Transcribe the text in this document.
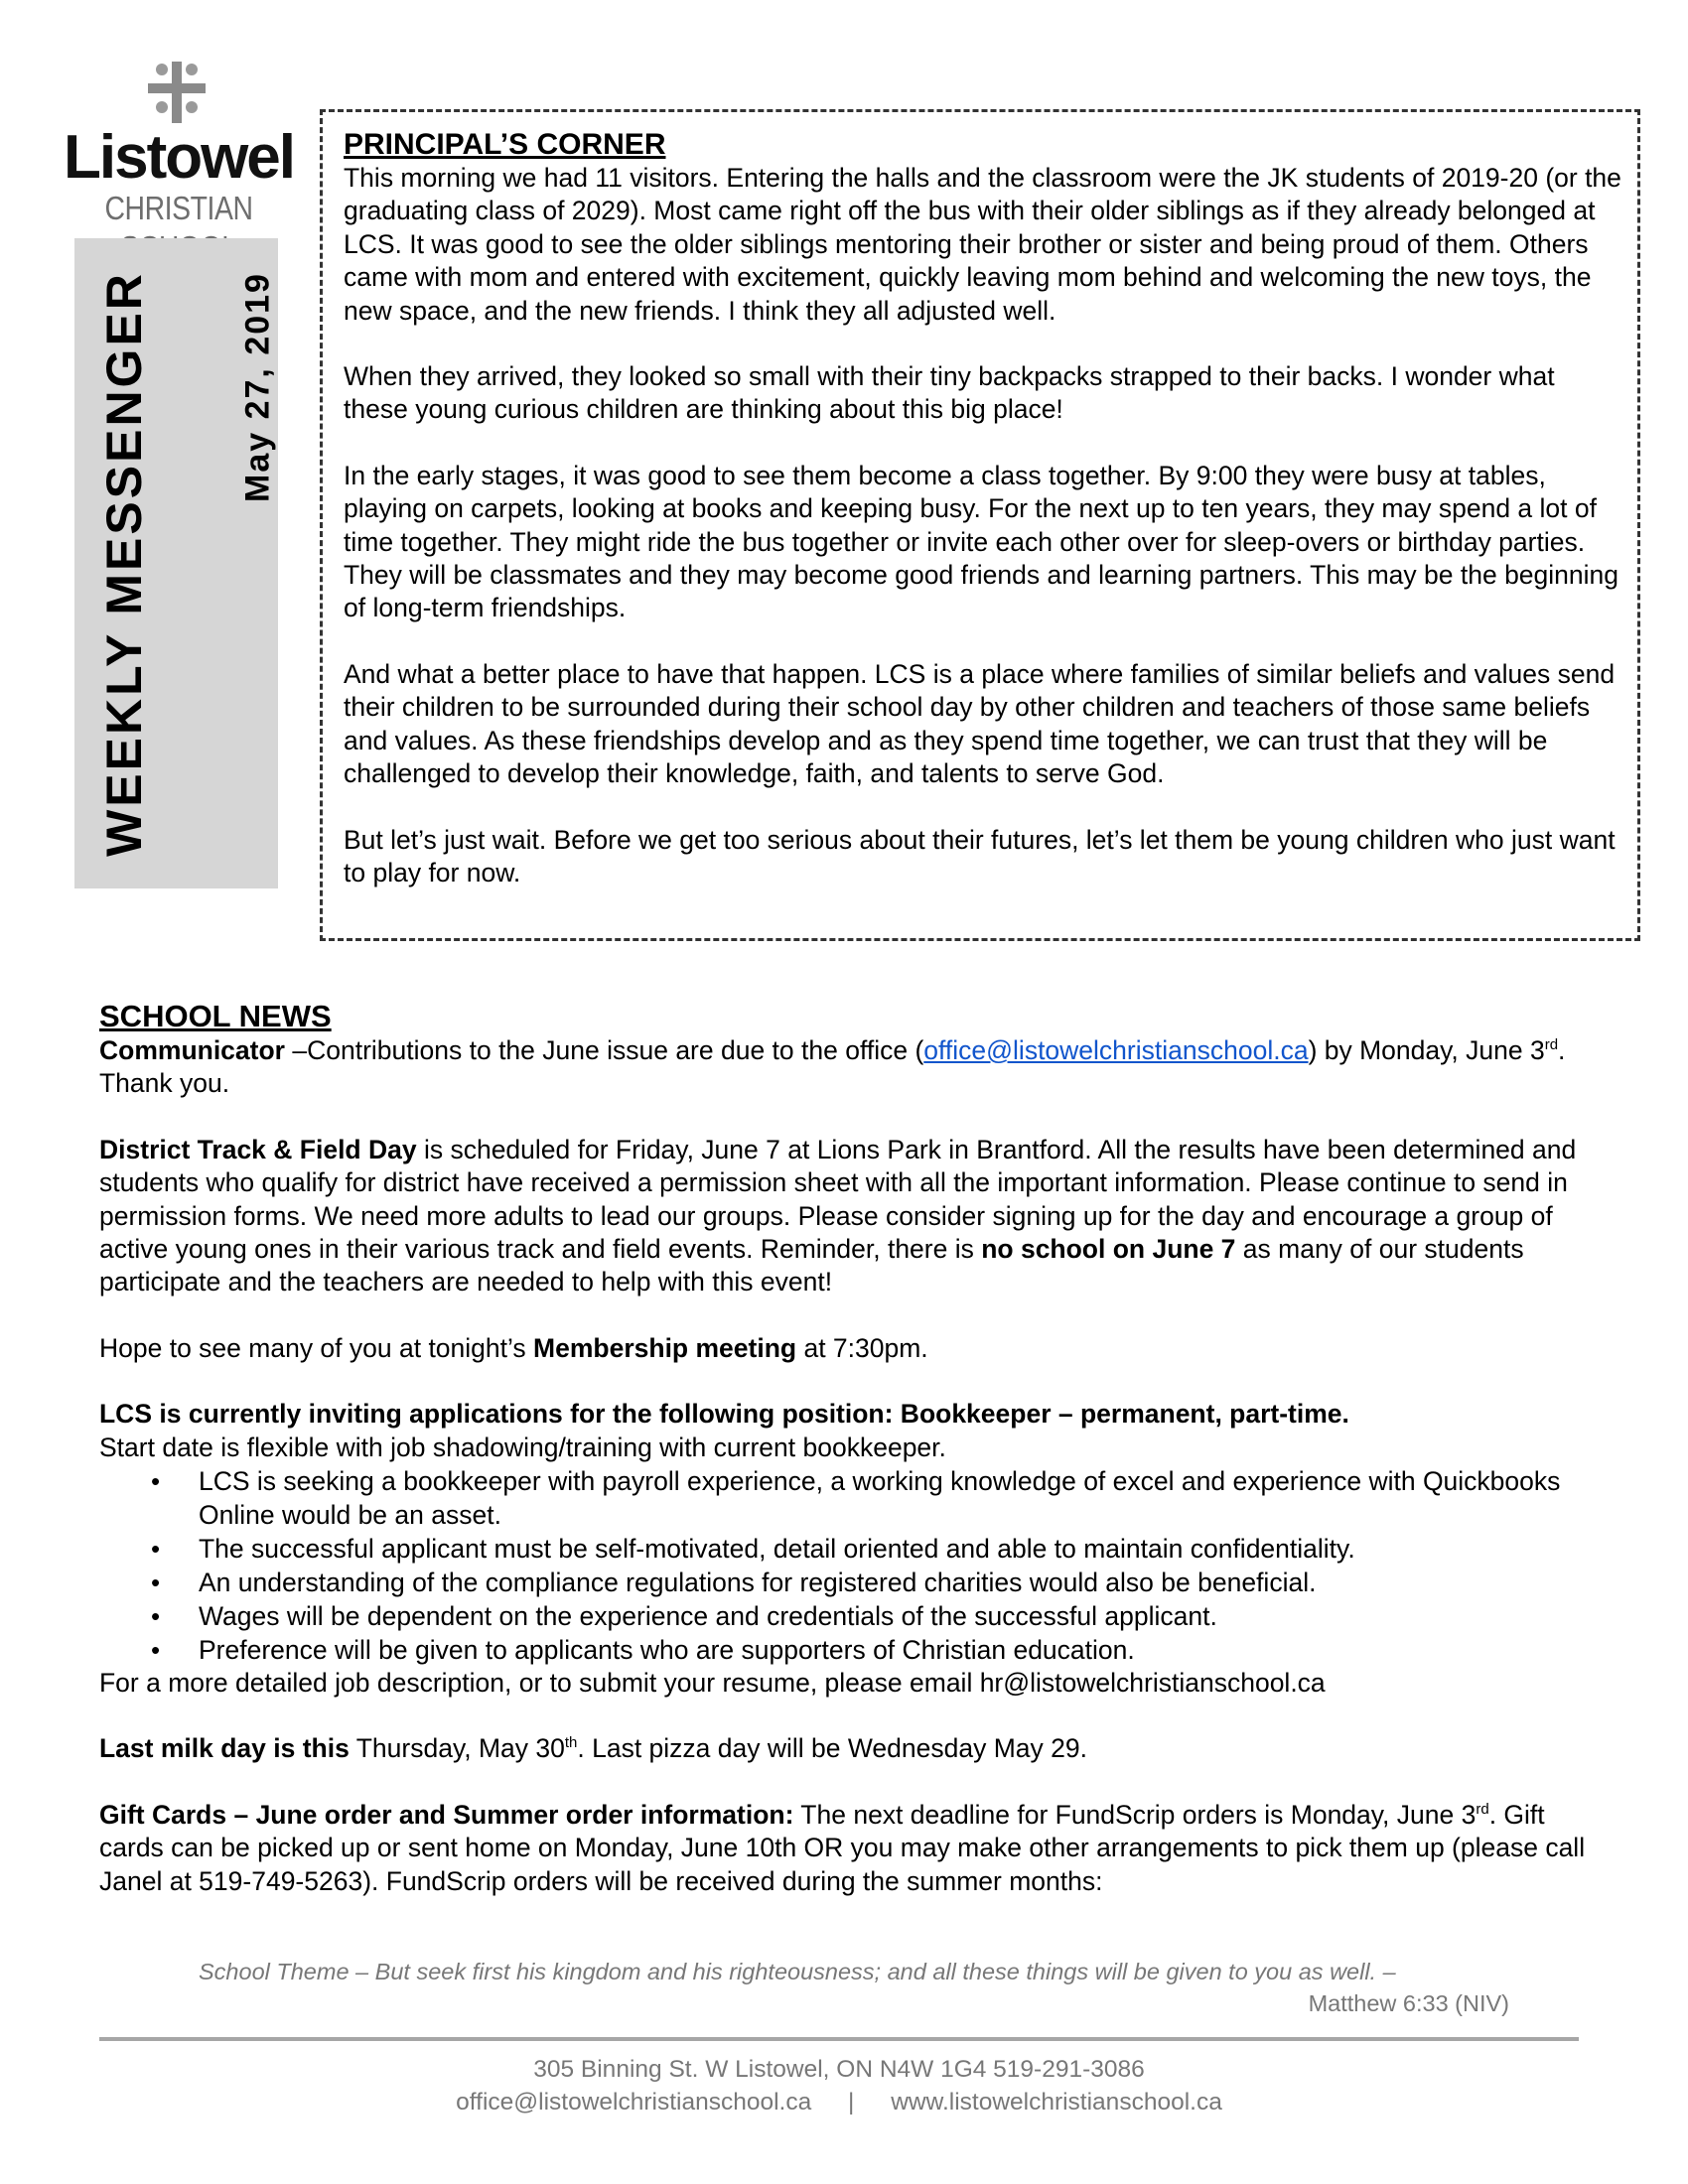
Listowel
CHRISTIAN
WEEKLY MESSENGER	May 27, 2019
PRINCIPAL’S CORNER

This morning we had 11 visitors. Entering the halls and the classroom were the JK students of 2019-20 (or the graduating class of 2029). Most came right off the bus with their older siblings as if they already belonged at LCS. It was good to see the older siblings mentoring their brother or sister and being proud of them. Others came with mom and entered with excitement, quickly leaving mom behind and welcoming the new toys, the new space, and the new friends. I think they all adjusted well.

When they arrived, they looked so small with their tiny backpacks strapped to their backs. I wonder what these young curious children are thinking about this big place!

In the early stages, it was good to see them become a class together. By 9:00 they were busy at tables, playing on carpets, looking at books and keeping busy. For the next up to ten years, they may spend a lot of time together. They might ride the bus together or invite each other over for sleep-overs or birthday parties. They will be classmates and they may become good friends and learning partners. This may be the beginning of long-term friendships.

And what a better place to have that happen. LCS is a place where families of similar beliefs and values send their children to be surrounded during their school day by other children and teachers of those same beliefs and values. As these friendships develop and as they spend time together, we can trust that they will be challenged to develop their knowledge, faith, and talents to serve God.

But let’s just wait. Before we get too serious about their futures, let’s let them be young children who just want to play for now.

SCHOOL NEWS

Communicator –Contributions to the June issue are due to the office (office@listowelchristianschool.ca) by Monday, June 3rd. Thank you.

District Track & Field Day is scheduled for Friday, June 7 at Lions Park in Brantford. All the results have been determined and students who qualify for district have received a permission sheet with all the important information. Please continue to send in permission forms. We need more adults to lead our groups. Please consider signing up for the day and encourage a group of active young ones in their various track and field events. Reminder, there is no school on June 7 as many of our students participate and the teachers are needed to help with this event!

Hope to see many of you at tonight’s Membership meeting at 7:30pm.

LCS is currently inviting applications for the following position: Bookkeeper – permanent, part-time.

Start date is flexible with job shadowing/training with current bookkeeper.

• LCS is seeking a bookkeeper with payroll experience, a working knowledge of excel and experience with Quickbooks Online would be an asset.
• The successful applicant must be self-motivated, detail oriented and able to maintain confidentiality.
• An understanding of the compliance regulations for registered charities would also be beneficial.
• Wages will be dependent on the experience and credentials of the successful applicant.
• Preference will be given to applicants who are supporters of Christian education.

For a more detailed job description, or to submit your resume, please email hr@listowelchristianschool.ca

Last milk day is this Thursday, May 30th. Last pizza day will be Wednesday May 29.

Gift Cards – June order and Summer order information: The next deadline for FundScrip orders is Monday, June 3rd. Gift cards can be picked up or sent home on Monday, June 10th OR you may make other arrangements to pick them up (please call Janel at 519-749-5263). FundScrip orders will be received during the summer months:

School Theme – But seek first his kingdom and his righteousness; and all these things will be given to you as well. –
Matthew 6:33 (NIV)
305 Binning St. W Listowel, ON N4W 1G4 519-291-3086
office@listowelchristianschool.ca | www.listowelchristianschool.ca
